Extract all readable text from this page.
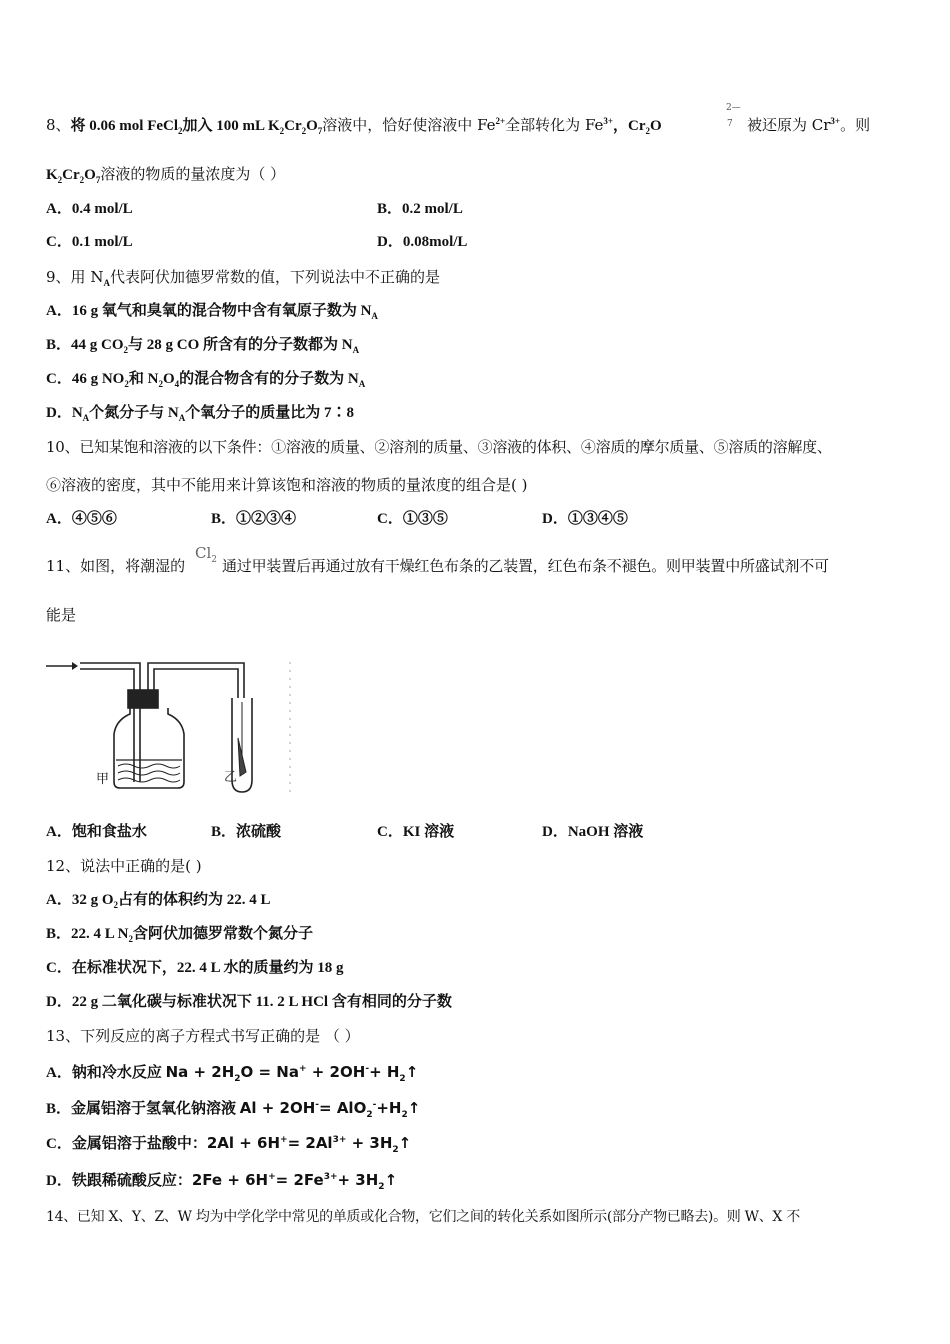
8、将 0.06 mol FeCl$_2$加入 100 mL $K_2Cr_2O_7$溶液中，恰好使溶液中 $Fe^{2+}$全部转化为 $Fe^{3+}$，$Cr_2O$
2—
7 被还原为 $Cr^{3+}$。则
$K_2Cr_2O_7$溶液的物质的量浓度为（ ）
A．0.4 mol/L	B．0.2 mol/L
C．0.1 mol/L	D．0.08mol/L
9、用 $N_A$代表阿伏加德罗常数的值，下列说法中不正确的是
A．16 g 氧气和臭氧的混合物中含有氧原子数为 $N_A$
B．44 g $CO_2$与 28 g CO 所含有的分子数都为 $N_A$
C．46 g $NO_2$和 $N_2O_4$的混合物含有的分子数为 $N_A$
D．$N_A$个氮分子与 $N_A$个氧分子的质量比为 7∶8
10、已知某饱和溶液的以下条件：①溶液的质量、②溶剂的质量、③溶液的体积、④溶质的摩尔质量、⑤溶质的溶解度、
⑥溶液的密度，其中不能用来计算该饱和溶液的物质的量浓度的组合是( )
A．④⑤⑥	B．①②③④	C．①③⑤	D．①③④⑤
11、如图，将潮湿的
$Cl_2$ 通过甲装置后再通过放有干燥红色布条的乙装置，红色布条不褪色。则甲装置中所盛试剂不可
能是
甲	乙
A．饱和食盐水	B．浓硫酸	C．KI 溶液	D．NaOH 溶液
12、说法中正确的是( )
A．32 g $O_2$占有的体积约为 22. 4 L
B．22. 4 L $N_2$含阿伏加德罗常数个氮分子
C．在标准状况下，22. 4 L 水的质量约为 18 g
D．22 g 二氧化碳与标准状况下 11. 2 L HCl 含有相同的分子数
13、下列反应的离子方程式书写正确的是 （ ）
A．钠和冷水反应 $Na + 2H_2O = Na^+ + 2OH^-+$ $H_2↑$
B．金属铝溶于氢氧化钠溶液 $Al + 2OH^-= AlO_2^-+H_2↑$
C．金属铝溶于盐酸中：$2Al + 6H^+= 2Al^{3+}$ + $3H_2↑$
D．铁跟稀硫酸反应：$2Fe + 6H^+= 2Fe^{3+}+$ $3H_2↑$
14、已知 X、Y、Z、W 均为中学化学中常见的单质或化合物，它们之间的转化关系如图所示(部分产物已略去)。则 W、X 不
